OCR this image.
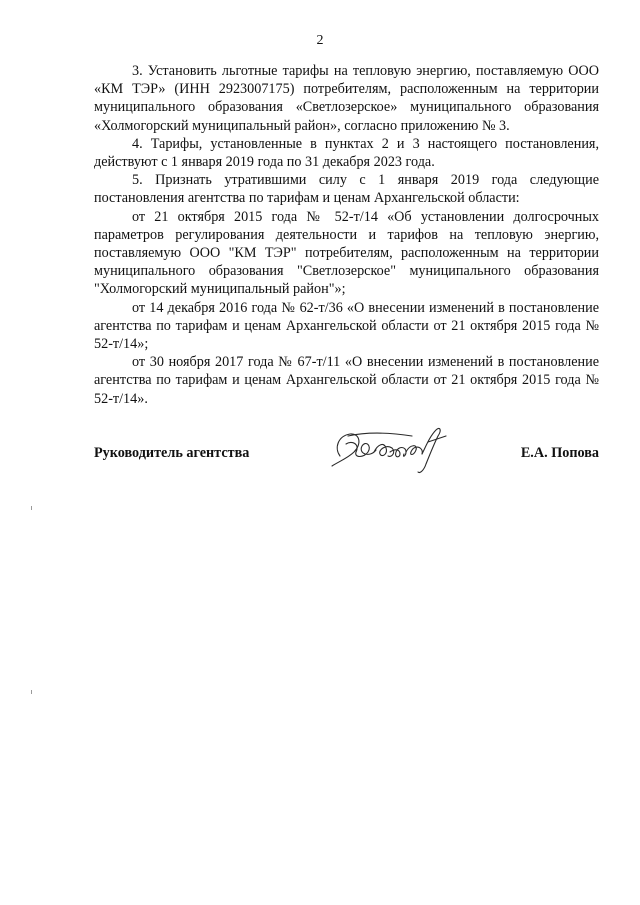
2

3. Установить льготные тарифы на тепловую энергию, поставляемую ООО «КМ ТЭР» (ИНН 2923007175) потребителям, расположенным на территории муниципального образования «Светлозерское» муниципального образования «Холмогорский муниципальный район», согласно приложению № 3.

4. Тарифы, установленные в пунктах 2 и 3 настоящего постановления, действуют с 1 января 2019 года по 31 декабря 2023 года.

5. Признать утратившими силу с 1 января 2019 года следующие постановления агентства по тарифам и ценам Архангельской области:

от 21 октября 2015 года № 52-т/14 «Об установлении долгосрочных параметров регулирования деятельности и тарифов на тепловую энергию, поставляемую ООО "КМ ТЭР" потребителям, расположенным на территории муниципального образования "Светлозерское" муниципального образования "Холмогорский муниципальный район"»;

от 14 декабря 2016 года № 62-т/36 «О внесении изменений в постановление агентства по тарифам и ценам Архангельской области от 21 октября 2015 года № 52-т/14»;

от 30 ноября 2017 года № 67-т/11 «О внесении изменений в постановление агентства по тарифам и ценам Архангельской области от 21 октября 2015 года № 52-т/14».

Руководитель агентства	Е.А. Попова
